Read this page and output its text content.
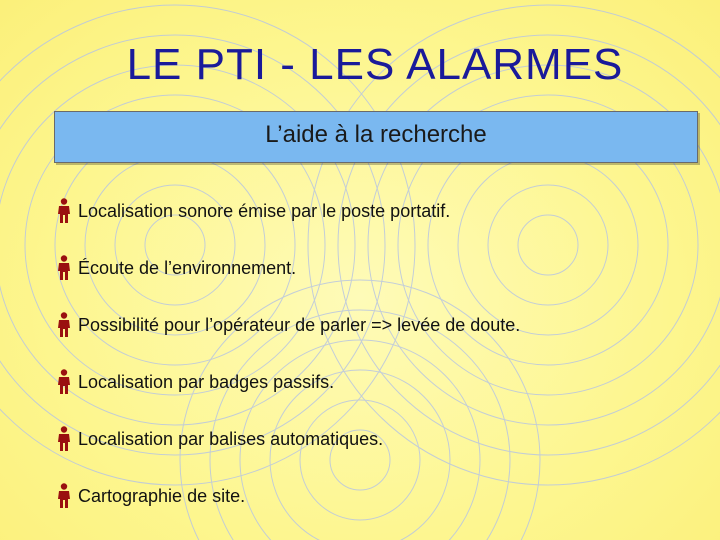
LE PTI - LES ALARMES
L’aide à la recherche
Localisation sonore émise par le poste portatif.
Écoute de l’environnement.
Possibilité pour l’opérateur de parler => levée de doute.
Localisation par badges passifs.
Localisation par balises automatiques.
Cartographie de site.
